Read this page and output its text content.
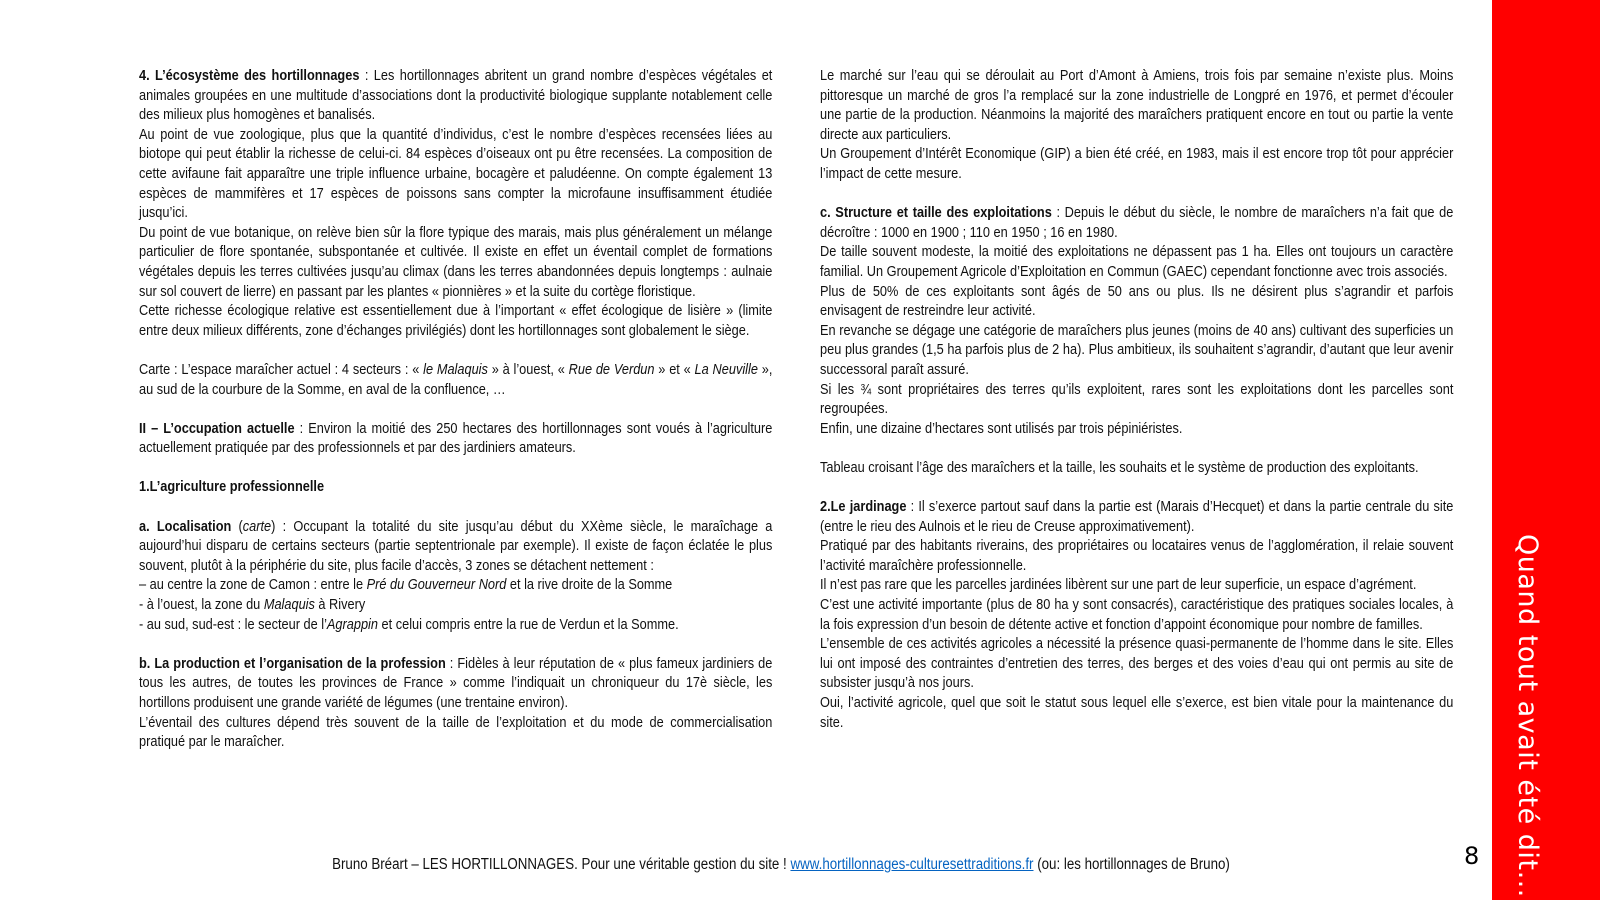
4. L’écosystème des hortillonnages : Les hortillonnages abritent un grand nombre d’espèces végétales et animales groupées en une multitude d’associations dont la productivité biologique supplante notablement celle des milieux plus homogènes et banalisés.

Au point de vue zoologique, plus que la quantité d’individus, c’est le nombre d’espèces recensées liées au biotope qui peut établir la richesse de celui-ci. 84 espèces d’oiseaux ont pu être recensées. La composition de cette avifaune fait apparaître une triple influence urbaine, bocagère et paludéenne. On compte également 13 espèces de mammifères et 17 espèces de poissons sans compter la microfaune insuffisamment étudiée jusqu’ici.

Du point de vue botanique, on relève bien sûr la flore typique des marais, mais plus généralement un mélange particulier de flore spontanée, subspontanée et cultivée. Il existe en effet un éventail complet de formations végétales depuis les terres cultivées jusqu’au climax (dans les terres abandonnées depuis longtemps : aulnaie sur sol couvert de lierre) en passant par les plantes « pionnières » et la suite du cortège floristique.

Cette richesse écologique relative est essentiellement due à l’important « effet écologique de lisière » (limite entre deux milieux différents, zone d’échanges privilégiés) dont les hortillonnages sont globalement le siège.

Carte : L’espace maraîcher actuel : 4 secteurs : « le Malaquis » à l’ouest, « Rue de Verdun » et « La Neuville », au sud de la courbure de la Somme, en aval de la confluence, …

II – L’occupation actuelle : Environ la moitié des 250 hectares des hortillonnages sont voués à l’agriculture actuellement pratiquée par des professionnels et par des jardiniers amateurs.

1.L’agriculture professionnelle

a. Localisation (carte) : Occupant la totalité du site jusqu’au début du XXème siècle, le maraîchage a aujourd’hui disparu de certains secteurs (partie septentrionale par exemple). Il existe de façon éclatée le plus souvent, plutôt à la périphérie du site, plus facile d’accès, 3 zones se détachent nettement :

– au centre la zone de Camon : entre le Pré du Gouverneur Nord et la rive droite de la Somme

- à l’ouest, la zone du Malaquis à Rivery

- au sud, sud-est : le secteur de l’Agrappin et celui compris entre la rue de Verdun et la Somme.

b. La production et l’organisation de la profession : Fidèles à leur réputation de « plus fameux jardiniers de tous les autres, de toutes les provinces de France » comme l’indiquait un chroniqueur du 17è siècle, les hortillons produisent une grande variété de légumes (une trentaine environ).

L’éventail des cultures dépend très souvent de la taille de l’exploitation et du mode de commercialisation pratiqué par le maraîcher.

Le marché sur l’eau qui se déroulait au Port d’Amont à Amiens, trois fois par semaine n’existe plus. Moins pittoresque un marché de gros l’a remplacé sur la zone industrielle de Longpré en 1976, et permet d’écouler une partie de la production. Néanmoins la majorité des maraîchers pratiquent encore en tout ou partie la vente directe aux particuliers.

Un Groupement d’Intérêt Economique (GIP) a bien été créé, en 1983, mais il est encore trop tôt pour apprécier l’impact de cette mesure.

c. Structure et taille des exploitations : Depuis le début du siècle, le nombre de maraîchers n’a fait que de décroître : 1000 en 1900 ; 110 en 1950 ; 16 en 1980.

De taille souvent modeste, la moitié des exploitations ne dépassent pas 1 ha. Elles ont toujours un caractère familial. Un Groupement Agricole d’Exploitation en Commun (GAEC) cependant fonctionne avec trois associés.

Plus de 50% de ces exploitants sont âgés de 50 ans ou plus. Ils ne désirent plus s’agrandir et parfois envisagent de restreindre leur activité.

En revanche se dégage une catégorie de maraîchers plus jeunes (moins de 40 ans) cultivant des superficies un peu plus grandes (1,5 ha parfois plus de 2 ha). Plus ambitieux, ils souhaitent s’agrandir, d’autant que leur avenir successoral paraît assuré.

Si les ¾ sont propriétaires des terres qu’ils exploitent, rares sont les exploitations dont les parcelles sont regroupées.

Enfin, une dizaine d’hectares sont utilisés par trois pépiniéristes.

Tableau croisant l’âge des maraîchers et la taille, les souhaits et le système de production des exploitants.

2.Le jardinage : Il s’exerce partout sauf dans la partie est (Marais d’Hecquet) et dans la partie centrale du site (entre le rieu des Aulnois et le rieu de Creuse approximativement).

Pratiqué par des habitants riverains, des propriétaires ou locataires venus de l’agglomération, il relaie souvent l’activité maraîchère professionnelle.

Il n’est pas rare que les parcelles jardinées libèrent sur une part de leur superficie, un espace d’agrément.

C’est une activité importante (plus de 80 ha y sont consacrés), caractéristique des pratiques sociales locales, à la fois expression d’un besoin de détente active et fonction d’appoint économique pour nombre de familles.

L’ensemble de ces activités agricoles a nécessité la présence quasi-permanente de l’homme dans le site. Elles lui ont imposé des contraintes d’entretien des terres, des berges et des voies d’eau qui ont permis au site de subsister jusqu’à nos jours.

Oui, l’activité agricole, quel que soit le statut sous lequel elle s’exerce, est bien vitale pour la maintenance du site.

Bruno Bréart – LES HORTILLONNAGES. Pour une véritable gestion du site ! www.hortillonnages-culturesettraditions.fr (ou: les hortillonnages de Bruno)	8 Quand tout avait été dit…
